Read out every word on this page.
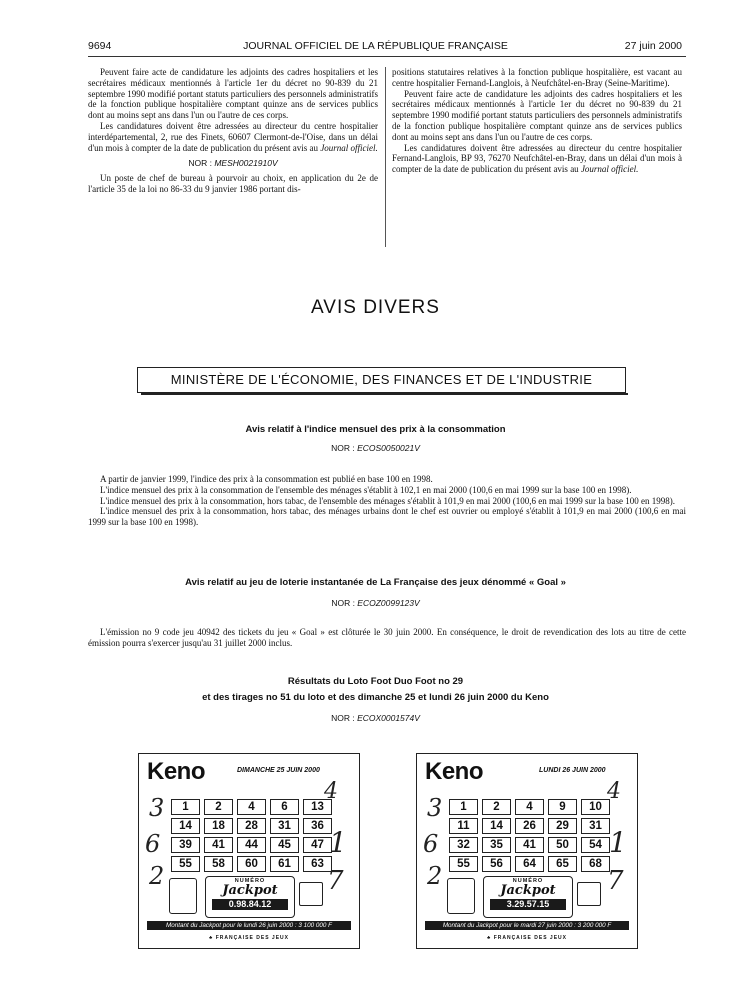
9694	JOURNAL OFFICIEL DE LA RÉPUBLIQUE FRANÇAISE	27 juin 2000

Peuvent faire acte de candidature les adjoints des cadres hospitaliers et les secrétaires médicaux mentionnés à l'article 1er du décret no 90-839 du 21 septembre 1990 modifié portant statuts particuliers des personnels administratifs de la fonction publique hospitalière comptant quinze ans de services publics dont au moins sept ans dans l'un ou l'autre de ces corps.

Les candidatures doivent être adressées au directeur du centre hospitalier interdépartemental, 2, rue des Finets, 60607 Clermont-de-l'Oise, dans un délai d'un mois à compter de la date de publication du présent avis au Journal officiel.

NOR : MESH0021910V

Un poste de chef de bureau à pourvoir au choix, en application du 2e de l'article 35 de la loi no 86-33 du 9 janvier 1986 portant dis-

positions statutaires relatives à la fonction publique hospitalière, est vacant au centre hospitalier Fernand-Langlois, à Neufchâtel-en-Bray (Seine-Maritime).

Peuvent faire acte de candidature les adjoints des cadres hospitaliers et les secrétaires médicaux mentionnés à l'article 1er du décret no 90-839 du 21 septembre 1990 modifié portant statuts particuliers des personnels administratifs de la fonction publique hospitalière comptant quinze ans de services publics dont au moins sept ans dans l'un ou l'autre de ces corps.

Les candidatures doivent être adressées au directeur du centre hospitalier Fernand-Langlois, BP 93, 76270 Neufchâtel-en-Bray, dans un délai d'un mois à compter de la date de publication du présent avis au Journal officiel.

AVIS DIVERS
MINISTÈRE DE L'ÉCONOMIE, DES FINANCES ET DE L'INDUSTRIE
Avis relatif à l'indice mensuel des prix à la consommation
NOR : ECOS0050021V

A partir de janvier 1999, l'indice des prix à la consommation est publié en base 100 en 1998.

L'indice mensuel des prix à la consommation de l'ensemble des ménages s'établit à 102,1 en mai 2000 (100,6 en mai 1999 sur la base 100 en 1998).

L'indice mensuel des prix à la consommation, hors tabac, de l'ensemble des ménages s'établit à 101,9 en mai 2000 (100,6 en mai 1999 sur la base 100 en 1998).

L'indice mensuel des prix à la consommation, hors tabac, des ménages urbains dont le chef est ouvrier ou employé s'établit à 101,9 en mai 2000 (100,6 en mai 1999 sur la base 100 en 1998).

Avis relatif au jeu de loterie instantanée de La Française des jeux dénommé « Goal »
NOR : ECOZ0099123V

L'émission no 9 code jeu 40942 des tickets du jeu « Goal » est clôturée le 30 juin 2000. En conséquence, le droit de revendication des lots au titre de cette émission pourra s'exercer jusqu'au 31 juillet 2000 inclus.

Résultats du Loto Foot Duo Foot no 29
et des tirages no 51 du loto et des dimanche 25 et lundi 26 juin 2000 du Keno
NOR : ECOX0001574V
Keno	DIMANCHE 25 JUIN 2000
4
3
1
6
2	7
1	2	4	6	13
14	18	28	31	36
39	41	44	45	47
55	58	60	61	63
NUMÉRO
Jackpot
0.98.84.12
Montant du Jackpot pour le lundi 26 juin 2000 : 3 100 000 F
♣ FRANÇAISE DES JEUX
Keno	LUNDI 26 JUIN 2000
4
3
1
6
2	7
1	2	4	9	10
11	14	26	29	31
32	35	41	50	54
55	56	64	65	68
NUMÉRO
Jackpot
3.29.57.15
Montant du Jackpot pour le mardi 27 juin 2000 : 3 200 000 F
♣ FRANÇAISE DES JEUX
